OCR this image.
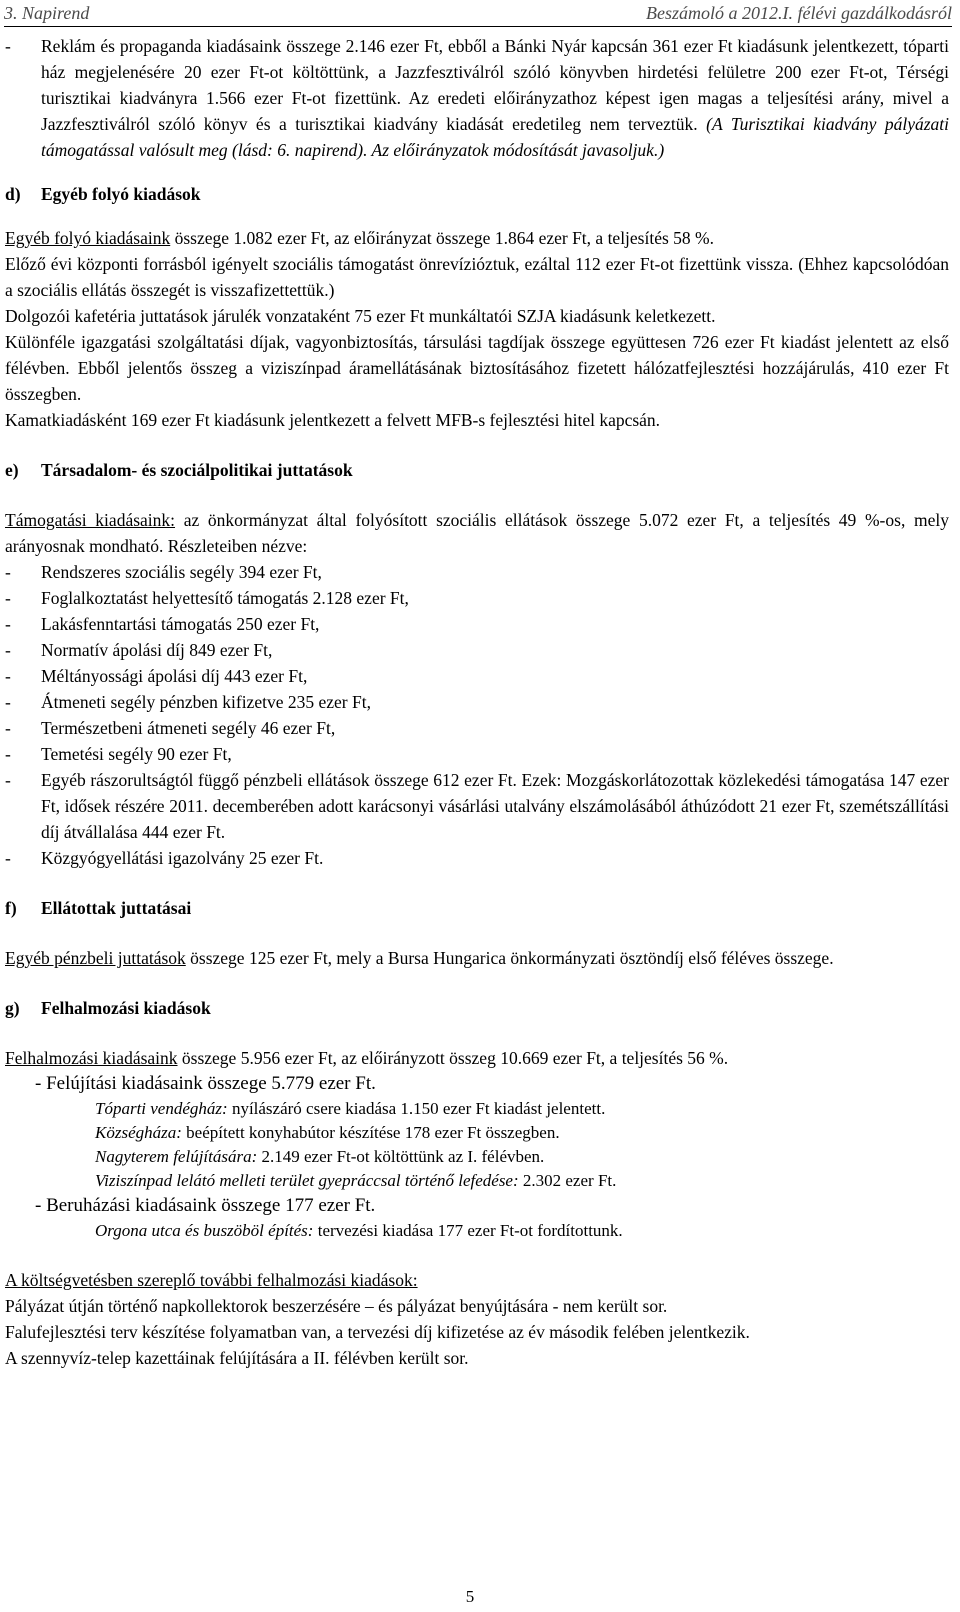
3. Napirend	Beszámoló a 2012.I. félévi gazdálkodásról

- Reklám és propaganda kiadásaink összege 2.146 ezer Ft, ebből a Bánki Nyár kapcsán 361 ezer Ft kiadásunk jelentkezett, tóparti ház megjelenésére 20 ezer Ft-ot költöttünk, a Jazzfesztiválról szóló könyvben hirdetési felületre 200 ezer Ft-ot, Térségi turisztikai kiadványra 1.566 ezer Ft-ot fizettünk. Az eredeti előirányzathoz képest igen magas a teljesítési arány, mivel a Jazzfesztiválról szóló könyv és a turisztikai kiadvány kiadását eredetileg nem terveztük. (A Turisztikai kiadvány pályázati támogatással valósult meg (lásd: 6. napirend). Az előirányzatok módosítását javasoljuk.)

d) Egyéb folyó kiadások

Egyéb folyó kiadásaink összege 1.082 ezer Ft, az előirányzat összege 1.864 ezer Ft, a teljesítés 58 %.

Előző évi központi forrásból igényelt szociális támogatást önrevízióztuk, ezáltal 112 ezer Ft-ot fizettünk vissza. (Ehhez kapcsolódóan a szociális ellátás összegét is visszafizettettük.)

Dolgozói kafetéria juttatások járulék vonzataként 75 ezer Ft munkáltatói SZJA kiadásunk keletkezett.

Különféle igazgatási szolgáltatási díjak, vagyonbiztosítás, társulási tagdíjak összege együttesen 726 ezer Ft kiadást jelentett az első félévben. Ebből jelentős összeg a viziszínpad áramellátásának biztosításához fizetett hálózatfejlesztési hozzájárulás, 410 ezer Ft összegben.

Kamatkiadásként 169 ezer Ft kiadásunk jelentkezett a felvett MFB-s fejlesztési hitel kapcsán.

e) Társadalom- és szociálpolitikai juttatások

Támogatási kiadásaink: az önkormányzat által folyósított szociális ellátások összege 5.072 ezer Ft, a teljesítés 49 %-os, mely arányosnak mondható. Részleteiben nézve:

- Rendszeres szociális segély 394 ezer Ft,

- Foglalkoztatást helyettesítő támogatás 2.128 ezer Ft,

- Lakásfenntartási támogatás 250 ezer Ft,

- Normatív ápolási díj 849 ezer Ft,

- Méltányossági ápolási díj 443 ezer Ft,

- Átmeneti segély pénzben kifizetve 235 ezer Ft,

- Természetbeni átmeneti segély 46 ezer Ft,

- Temetési segély 90 ezer Ft,

- Egyéb rászorultságtól függő pénzbeli ellátások összege 612 ezer Ft. Ezek: Mozgáskorlátozottak közlekedési támogatása 147 ezer Ft, idősek részére 2011. decemberében adott karácsonyi vásárlási utalvány elszámolásából áthúzódott 21 ezer Ft, szemétszállítási díj átvállalása 444 ezer Ft.

- Közgyógyellátási igazolvány 25 ezer Ft.

f) Ellátottak juttatásai

Egyéb pénzbeli juttatások összege 125 ezer Ft, mely a Bursa Hungarica önkormányzati ösztöndíj első féléves összege.

g) Felhalmozási kiadások

Felhalmozási kiadásaink összege 5.956 ezer Ft, az előirányzott összeg 10.669 ezer Ft, a teljesítés 56 %.

- Felújítási kiadásaink összege 5.779 ezer Ft.

Tóparti vendégház: nyílászáró csere kiadása 1.150 ezer Ft kiadást jelentett.

Községháza: beépített konyhabútor készítése 178 ezer Ft összegben.

Nagyterem felújítására: 2.149 ezer Ft-ot költöttünk az I. félévben.

Viziszínpad lelátó melleti terület gyepráccsal történő lefedése: 2.302 ezer Ft.

- Beruházási kiadásaink összege 177 ezer Ft.

Orgona utca és buszöböl építés: tervezési kiadása 177 ezer Ft-ot fordítottunk.

A költségvetésben szereplő további felhalmozási kiadások:

Pályázat útján történő napkollektorok beszerzésére – és pályázat benyújtására - nem került sor.

Falufejlesztési terv készítése folyamatban van, a tervezési díj kifizetése az év második felében jelentkezik.

A szennyvíz-telep kazettáinak felújítására a II. félévben került sor.

5
